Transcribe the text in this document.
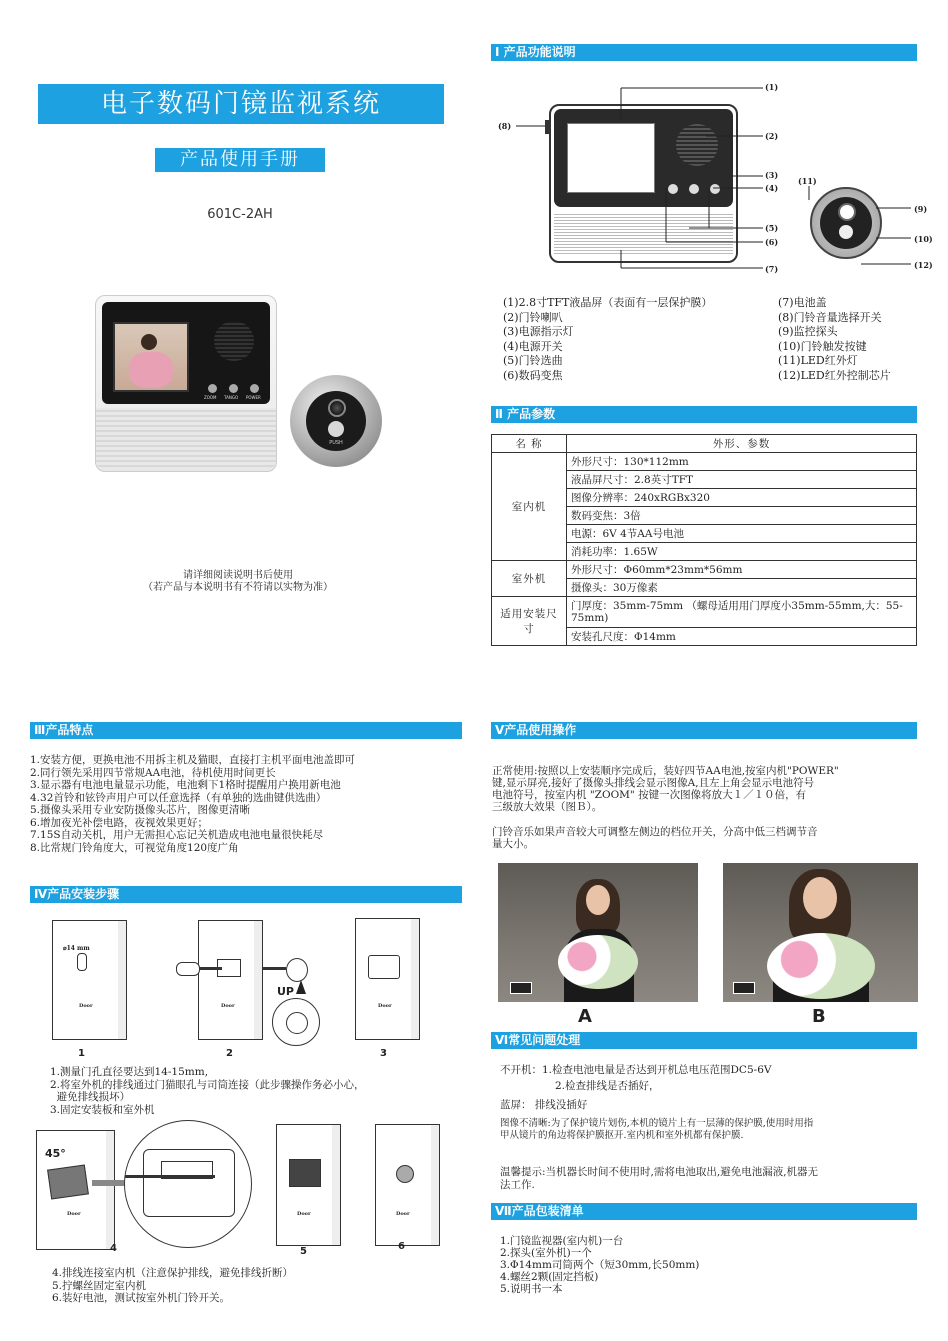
电子数码门镜监视系统
产品使用手册
601C-2AH
ZOOM TANGO POWER
PUSH
请详细阅读说明书后使用
（若产品与本说明书有不符请以实物为准）
Ⅰ 产品功能说明
(1)
(2)
(3)
(4)
(5)
(6)
(7)
(8)
(9)
(10)
(11)
(12)
(1)2.8寸TFT液晶屏（表面有一层保护膜）
(2)门铃喇叭
(3)电源指示灯
(4)电源开关
(5)门铃选曲
(6)数码变焦
(7)电池盖
(8)门铃音量选择开关
(9)监控探头
(10)门铃触发按键
(11)LED红外灯
(12)LED红外控制芯片
Ⅱ 产品参数
名 称	外形、参数
室内机	外形尺寸：130*112mm
	液晶屏尺寸：2.8英寸TFT
	图像分辨率：240xRGBx320
	数码变焦：3倍
	电源：6V 4节AA号电池
	消耗功率：1.65W
室外机	外形尺寸：Φ60mm*23mm*56mm
	摄像头：30万像素
适用安装尺寸	门厚度：35mm-75mm （螺母适用用门厚度小35mm-55mm,大：55-75mm)
	安装孔尺度：Φ14mm
Ⅲ产品特点
1.安装方便，更换电池不用拆主机及猫眼，直接打主机平面电池盖即可
2.同行领先采用四节常规AA电池，待机使用时间更长
3.显示器有电池电量显示功能，电池剩下1格时提醒用户换用新电池
4.32首铃和铉铃声用户可以任意选择（有单独的选曲键供选曲）
5.摄像头采用专业安防摄像头芯片，图像更清晰
6.增加夜光补偿电路，夜视效果更好；
7.15S自动关机，用户无需担心忘记关机造成电池电量很快耗尽
8.比常规门铃角度大，可视觉角度120度广角
Ⅳ产品安装步骤
⌀14 mm
Door	Door
UP
Door
1	2	3
1.测量门孔直径要达到14-15mm,
2.将室外机的排线通过门猫眼孔与司筒连接（此步骤操作务必小心，
避免排线损坏）
3.固定安装板和室外机
45°
Door	Door	Door
4	5	6
4.排线连接室内机（注意保护排线，避免排线折断）
5.拧螺丝固定室内机
6.装好电池，测试按室外机门铃开关。
Ⅴ产品使用操作
正常使用:按照以上安装顺序完成后，装好四节AA电池,按室内机"POWER"
键,显示屏亮,接好了摄像头排线会显示图像A,且左上角会显示电池符号
电池符号，按室内机 "ZOOM" 按键一次图像将放大１／１０倍，有
三级放大效果（图Ｂ）。
门铃音乐如果声音较大可调整左侧边的档位开关，分高中低三档调节音
量大小。
A	B
Ⅵ常见问题处理
不开机：1.检查电池电量是否达到开机总电压范围DC5-6V
2.检查排线是否插好，
蓝屏： 排线没插好
图像不清晰:为了保护镜片划伤,本机的镜片上有一层薄的保护膜,使用时用指
甲从镜片的角边将保护膜抠开.室内机和室外机都有保护膜.
温馨提示:当机器长时间不使用时,需将电池取出,避免电池漏液,机器无
法工作.
Ⅶ产品包装清单
1.门镜监视器(室内机)一台
2.探头(室外机)一个
3.Φ14mm司筒两个（短30mm,长50mm)
4.螺丝2颗(固定挡板)
5.说明书一本
